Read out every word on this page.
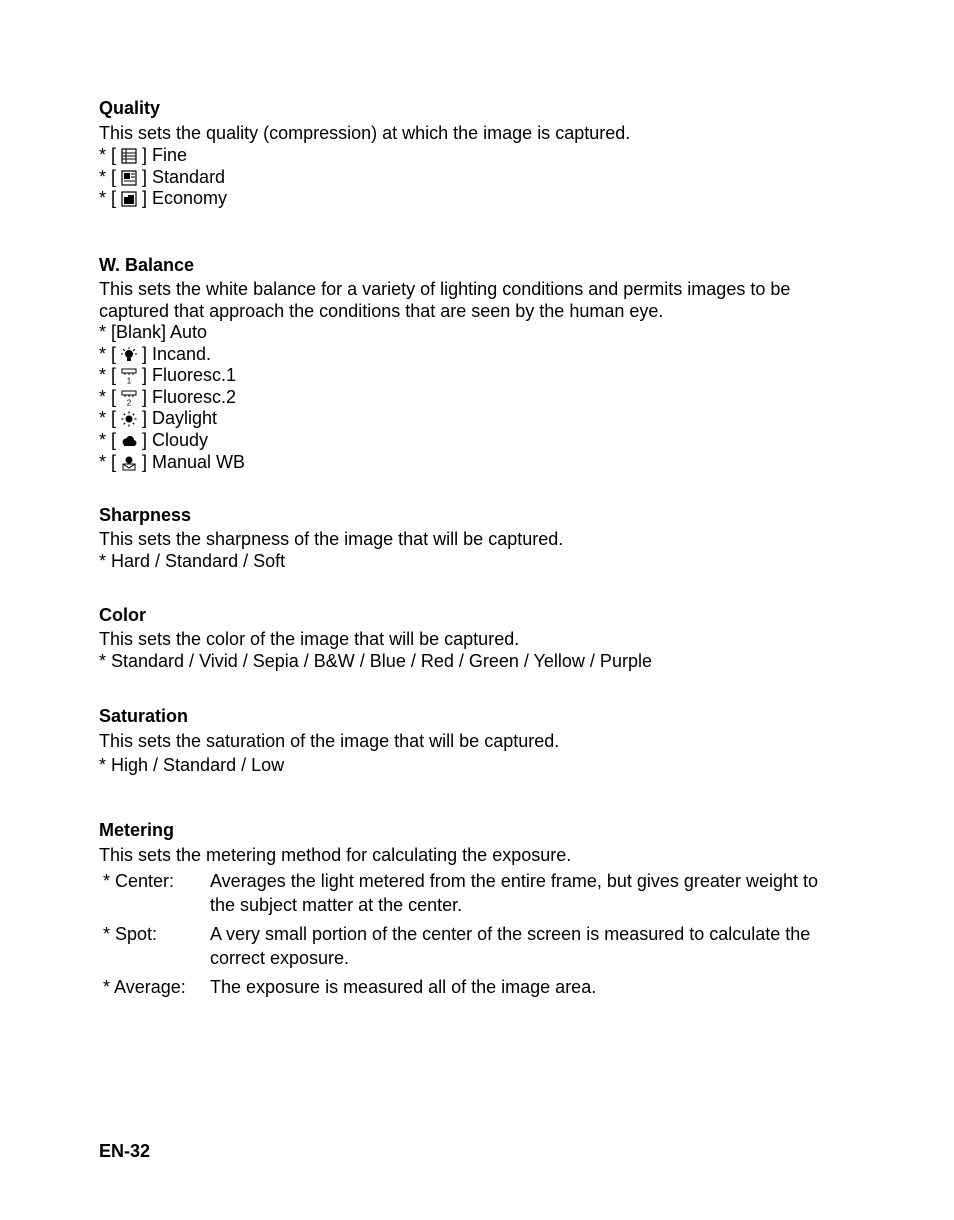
Quality

This sets the quality (compression) at which the image is captured.

* [ ] Fine
* [ ] Standard
* [ ] Economy

W. Balance

This sets the white balance for a variety of lighting conditions and permits images to be captured that approach the conditions that are seen by the human eye.

* [Blank] Auto
* [ ] Incand.
* [ 1 ] Fluoresc.1
* [ 2 ] Fluoresc.2
* [ ] Daylight
* [ ] Cloudy
* [ ] Manual WB

Sharpness

This sets the sharpness of the image that will be captured.

* Hard / Standard / Soft

Color

This sets the color of the image that will be captured.

* Standard / Vivid / Sepia / B&W / Blue / Red / Green / Yellow / Purple

Saturation

This sets the saturation of the image that will be captured.

* High / Standard / Low

Metering

This sets the metering method for calculating the exposure.

* Center:	Averages the light metered from the entire frame, but gives greater weight to the subject matter at the center.
* Spot:	A very small portion of the center of the screen is measured to calculate the correct exposure.
* Average:	The exposure is measured all of the image area.
EN-32
